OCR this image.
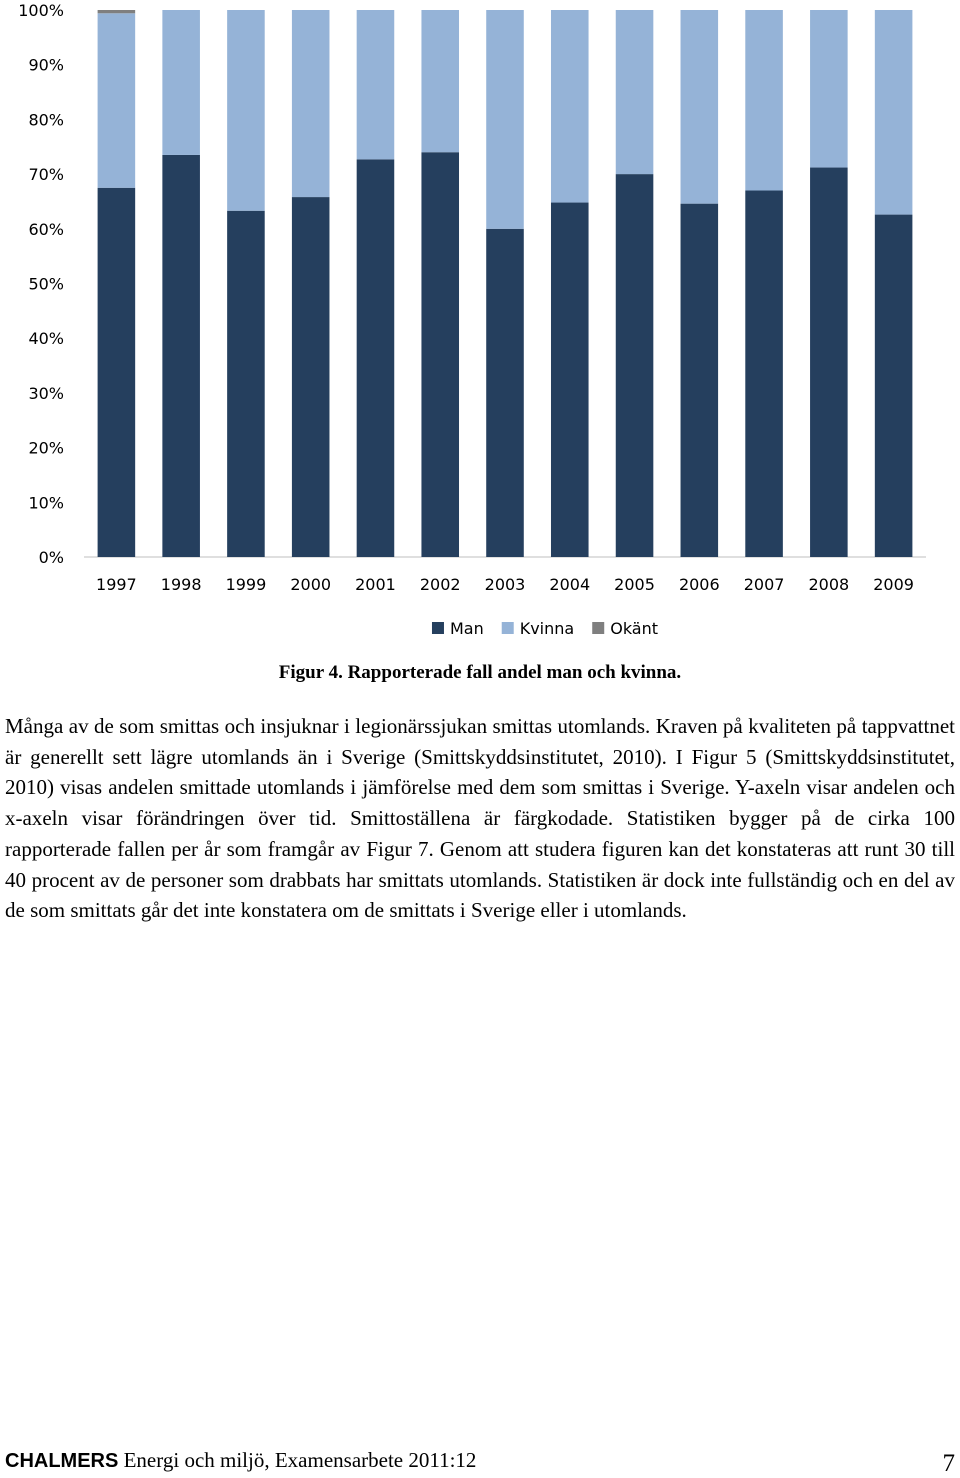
0%
10%
20%
30%
40%
50%
60%
70%
80%
90%
100%
1997 1998 1999 2000 2001 2002 2003 2004 2005 2006 2007 2008 2009
Man Kvinna Okänt
Figur 4. Rapporterade fall andel man och kvinna.

Många av de som smittas och insjuknar i legionärssjukan smittas utomlands. Kraven på kvaliteten på tappvattnet är generellt sett lägre utomlands än i Sverige (Smittskyddsinstitutet, 2010). I Figur 5 (Smittskyddsinstitutet, 2010) visas andelen smittade utomlands i jämförelse med dem som smittas i Sverige. Y-axeln visar andelen och x-axeln visar förändringen över tid. Smittoställena är färgkodade. Statistiken bygger på de cirka 100 rapporterade fallen per år som framgår av Figur 7. Genom att studera figuren kan det konstateras att runt 30 till 40 procent av de personer som drabbats har smittats utomlands. Statistiken är dock inte fullständig och en del av de som smittats går det inte konstatera om de smittats i Sverige eller i utomlands.

CHALMERS Energi och miljö, Examensarbete 2011:12	7
